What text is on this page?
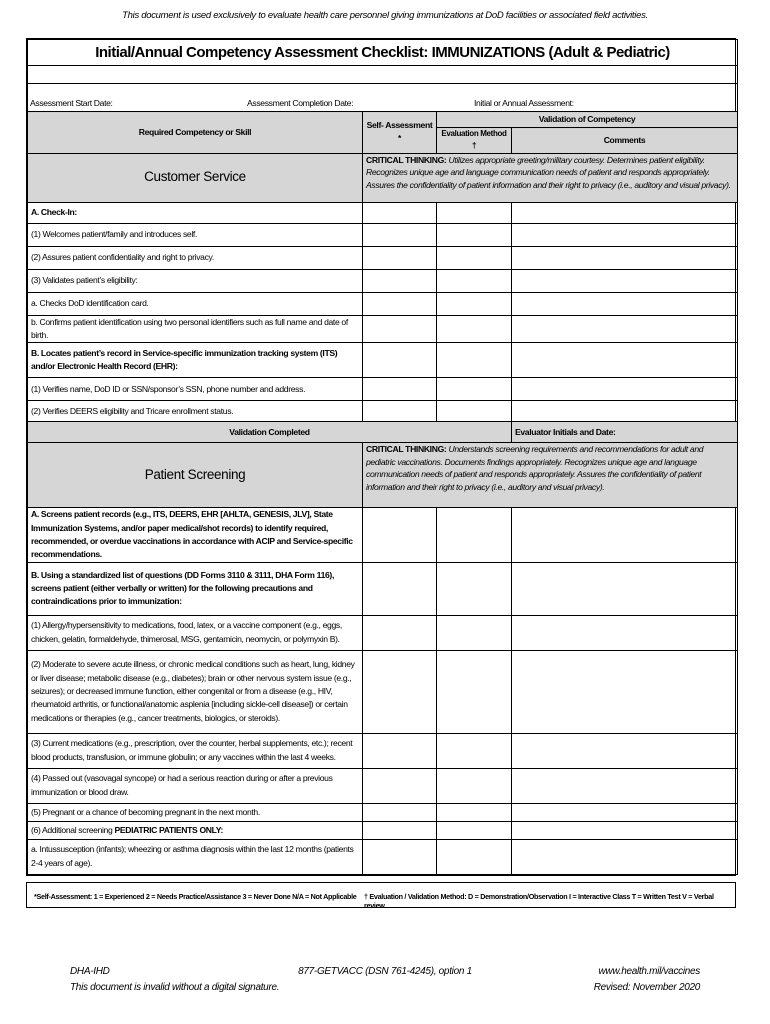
This document is used exclusively to evaluate health care personnel giving immunizations at DoD facilities or associated field activities.
Initial/Annual Competency Assessment Checklist: IMMUNIZATIONS (Adult & Pediatric)			

Assessment Start Date: Assessment Completion Date: Initial or Annual Assessment:			

Required Competency or Skill	Self- Assessment *	Validation of Competency	
		Evaluation Method †	Comments
Customer Service	CRITICAL THINKING: Utilizes appropriate greeting/military courtesy. Determines patient eligibility. Recognizes unique age and language communication needs of patient and responds appropriately. Assures the confidentiality of patient information and their right to privacy (i.e., auditory and visual privacy).		
A. Check-In:			
(1) Welcomes patient/family and introduces self.			
(2) Assures patient confidentiality and right to privacy.			
(3) Validates patient’s eligibility:			
a. Checks DoD identification card.			
b. Confirms patient identification using two personal identifiers such as full name and date of birth.			
B. Locates patient’s record in Service-specific immunization tracking system (ITS) and/or Electronic Health Record (EHR):			
(1) Verifies name, DoD ID or SSN/sponsor’s SSN, phone number and address.			
(2) Verifies DEERS eligibility and Tricare enrollment status.			
Validation Completed			Evaluator Initials and Date:
Patient Screening	CRITICAL THINKING: Understands screening requirements and recommendations for adult and pediatric vaccinations. Documents findings appropriately. Recognizes unique age and language communication needs of patient and responds appropriately. Assures the confidentiality of patient information and their right to privacy (i.e., auditory and visual privacy).		
A. Screens patient records (e.g., ITS, DEERS, EHR [AHLTA, GENESIS, JLV], State Immunization Systems, and/or paper medical/shot records) to identify required, recommended, or overdue vaccinations in accordance with ACIP and Service-specific recommendations.			
B. Using a standardized list of questions (DD Forms 3110 & 3111, DHA Form 116), screens patient (either verbally or written) for the following precautions and contraindications prior to immunization:			
(1) Allergy/hypersensitivity to medications, food, latex, or a vaccine component (e.g., eggs, chicken, gelatin, formaldehyde, thimerosal, MSG, gentamicin, neomycin, or polymyxin B).			
(2) Moderate to severe acute illness, or chronic medical conditions such as heart, lung, kidney or liver disease; metabolic disease (e.g., diabetes); brain or other nervous system issue (e.g., seizures); or decreased immune function, either congenital or from a disease (e.g., HIV, rheumatoid arthritis, or functional/anatomic asplenia [including sickle-cell disease]) or certain medications or therapies (e.g., cancer treatments, biologics, or steroids).			
(3) Current medications (e.g., prescription, over the counter, herbal supplements, etc.); recent blood products, transfusion, or immune globulin; or any vaccines within the last 4 weeks.			
(4) Passed out (vasovagal syncope) or had a serious reaction during or after a previous immunization or blood draw.			
(5) Pregnant or a chance of becoming pregnant in the next month.			
(6) Additional screening PEDIATRIC PATIENTS ONLY:			
a. Intussusception (infants); wheezing or asthma diagnosis within the last 12 months (patients 2-4 years of age).			
*Self-Assessment: 1 = Experienced 2 = Needs Practice/Assistance 3 = Never Done N/A = Not Applicable † Evaluation / Validation Method: D = Demonstration/Observation I = Interactive Class T = Written Test V = Verbal review
DHA-IHD
This document is invalid without a digital signature.
877-GETVACC (DSN 761-4245), option 1	www.health.mil/vaccines
Revised: November 2020
